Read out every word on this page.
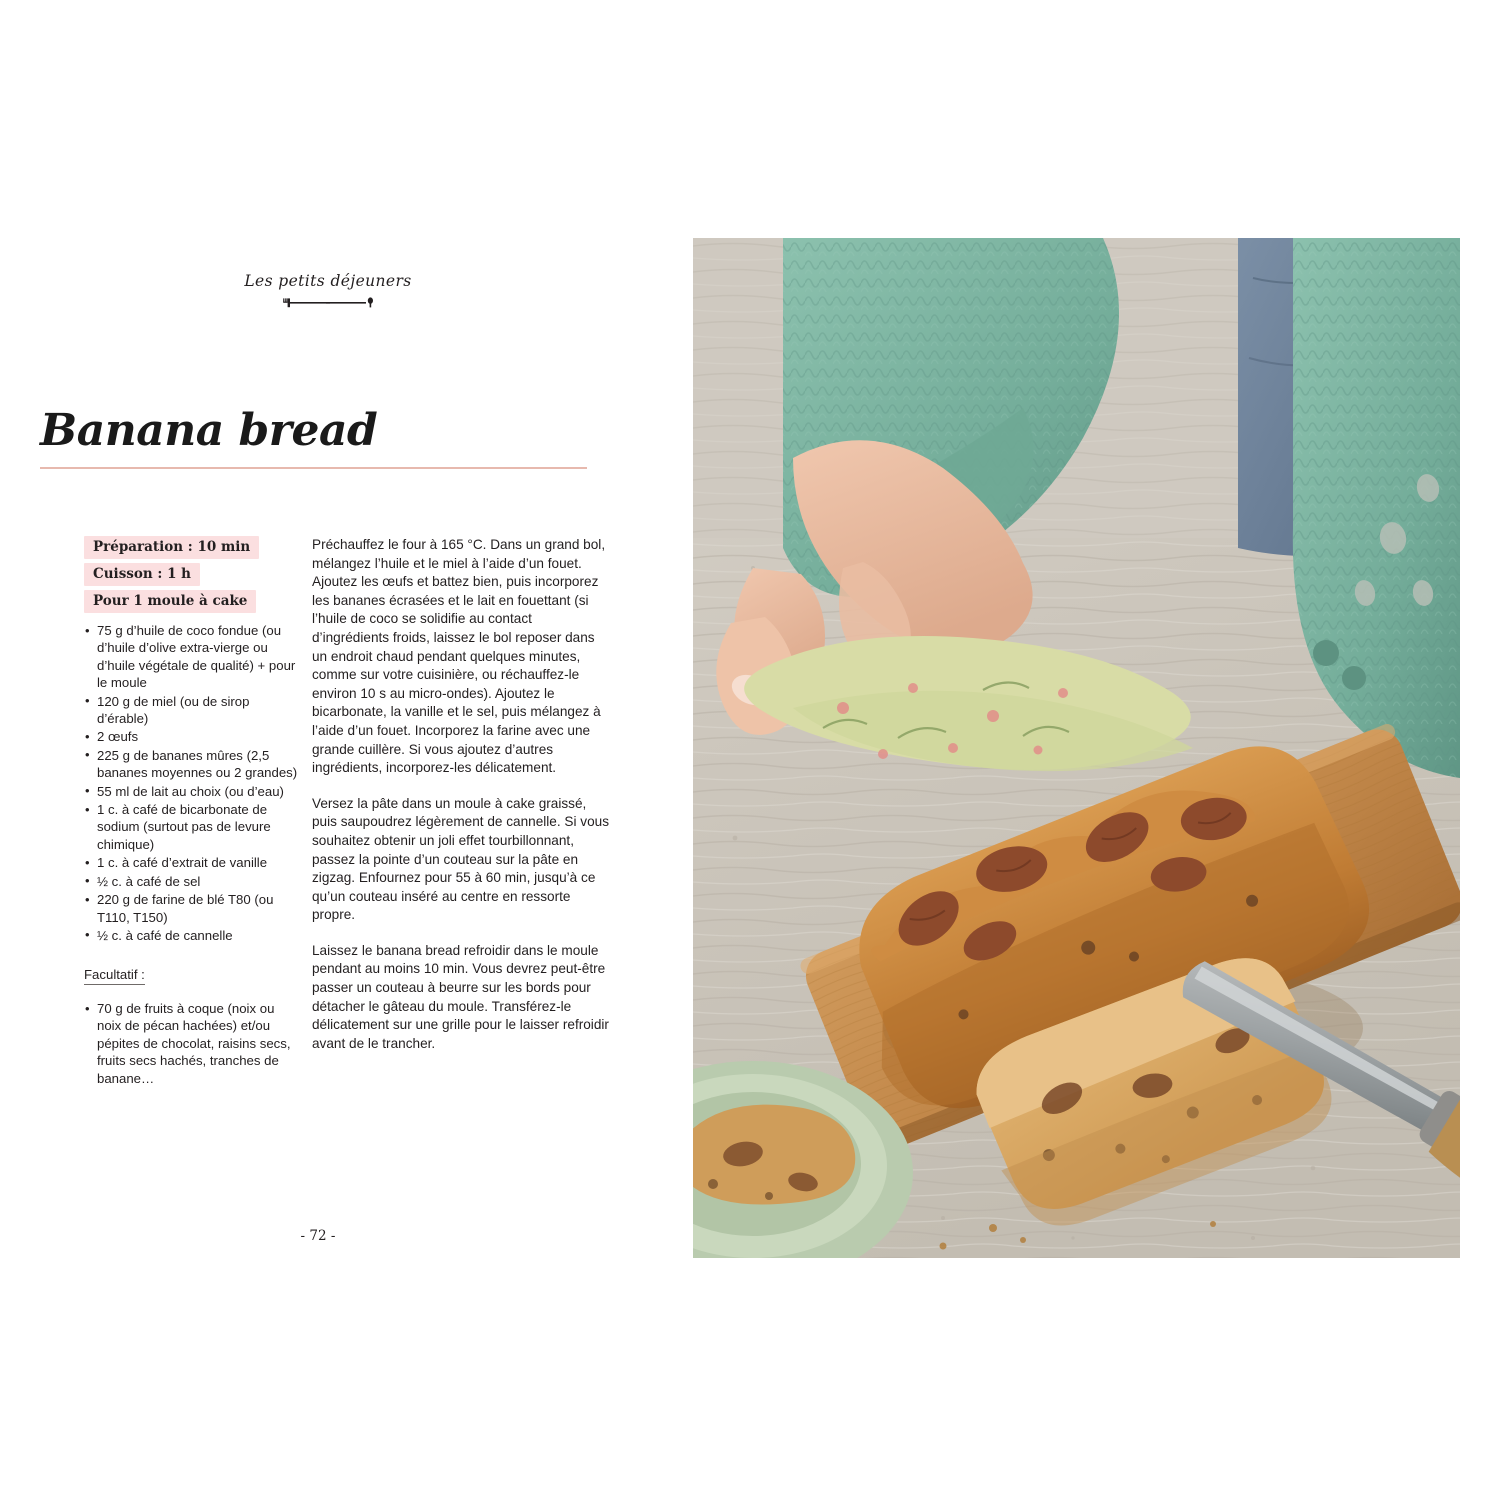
Les petits déjeuners
Banana bread
Préparation : 10 min
Cuisson : 1 h
Pour 1 moule à cake
• 75 g d’huile de coco fondue (ou d’huile d’olive extra-vierge ou d’huile végétale de qualité) + pour le moule
• 120 g de miel (ou de sirop d’érable)
• 2 œufs
• 225 g de bananes mûres (2,5 bananes moyennes ou 2 grandes)
• 55 ml de lait au choix (ou d’eau)
• 1 c. à café de bicarbonate de sodium (surtout pas de levure chimique)
• 1 c. à café d’extrait de vanille
• ½ c. à café de sel
• 220 g de farine de blé T80 (ou T110, T150)
• ½ c. à café de cannelle
Facultatif :
• 70 g de fruits à coque (noix ou noix de pécan hachées) et/ou pépites de chocolat, raisins secs, fruits secs hachés, tranches de banane…

Préchauffez le four à 165 °C. Dans un grand bol, mélangez l’huile et le miel à l’aide d’un fouet. Ajoutez les œufs et battez bien, puis incorporez les bananes écrasées et le lait en fouettant (si l’huile de coco se solidifie au contact d’ingrédients froids, laissez le bol reposer dans un endroit chaud pendant quelques minutes, comme sur votre cuisinière, ou réchauffez-le environ 10 s au micro-ondes). Ajoutez le bicarbonate, la vanille et le sel, puis mélangez à l’aide d’un fouet. Incorporez la farine avec une grande cuillère. Si vous ajoutez d’autres ingrédients, incorporez-les délicatement.

Versez la pâte dans un moule à cake graissé, puis saupoudrez légèrement de cannelle. Si vous souhaitez obtenir un joli effet tourbillonnant, passez la pointe d’un couteau sur la pâte en zigzag. Enfournez pour 55 à 60 min, jusqu’à ce qu’un couteau inséré au centre en ressorte propre.

Laissez le banana bread refroidir dans le moule pendant au moins 10 min. Vous devrez peut-être passer un couteau à beurre sur les bords pour détacher le gâteau du moule. Transférez-le délicatement sur une grille pour le laisser refroidir avant de le trancher.

- 72 -
